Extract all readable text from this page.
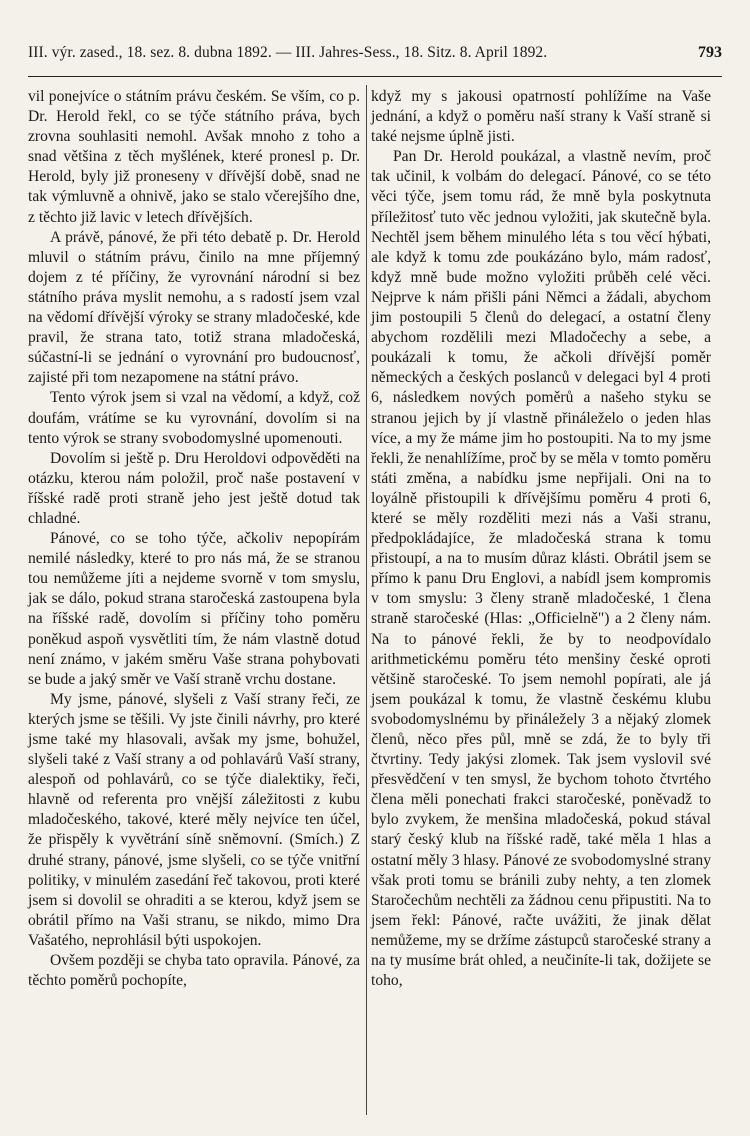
III. výr. zased., 18. sez. 8. dubna 1892. — III. Jahres-Sess., 18. Sitz. 8. April 1892.	793

vil ponejvíce o státním právu českém. Se vším, co p. Dr. Herold řekl, co se týče státního práva, bych zrovna souhlasiti nemohl. Avšak mnoho z toho a snad většina z těch myšlének, které pronesl p. Dr. Herold, byly již proneseny v dřívější době, snad ne tak výmluvně a ohnivě, jako se stalo včerejšího dne, z těchto již lavic v letech dřívějších.

A právě, pánové, že při této debatě p. Dr. Herold mluvil o státním právu, činilo na mne příjemný dojem z té příčiny, že vyrovnání národní si bez státního práva myslit nemohu, a s radostí jsem vzal na vědomí dřívější výroky se strany mladočeské, kde pravil, že strana tato, totiž strana mladočeská, súčastní-li se jednání o vyrovnání pro budoucnosť, zajisté při tom nezapomene na státní právo.

Tento výrok jsem si vzal na vědomí, a když, což doufám, vrátíme se ku vyrovnání, dovolím si na tento výrok se strany svobodomyslné upomenouti.

Dovolím si ještě p. Dru Heroldovi odpověděti na otázku, kterou nám položil, proč naše postavení v říšské radě proti straně jeho jest ještě dotud tak chladné.

Pánové, co se toho týče, ačkoliv nepopírám nemilé následky, které to pro nás má, že se stranou tou nemůžeme jíti a nejdeme svorně v tom smyslu, jak se dálo, pokud strana staročeská zastoupena byla na říšské radě, dovolím si příčiny toho poměru poněkud aspoň vysvětliti tím, že nám vlastně dotud není známo, v jakém směru Vaše strana pohybovati se bude a jaký směr ve Vaší straně vrchu dostane.

My jsme, pánové, slyšeli z Vaší strany řeči, ze kterých jsme se těšili. Vy jste činili návrhy, pro které jsme také my hlasovali, avšak my jsme, bohužel, slyšeli také z Vaší strany a od pohlavárů Vaší strany, alespoň od pohlavárů, co se týče dialektiky, řeči, hlavně od referenta pro vnější záležitosti z kubu mladočeského, takové, které měly nejvíce ten účel, že přispěly k vyvětrání síně sněmovní. (Smích.) Z druhé strany, pánové, jsme slyšeli, co se týče vnitřní politiky, v minulém zasedání řeč takovou, proti které jsem si dovolil se ohraditi a se kterou, když jsem se obrátil přímo na Vaši stranu, se nikdo, mimo Dra Vašatého, neprohlásil býti uspokojen.

Ovšem později se chyba tato opravila. Pánové, za těchto poměrů pochopíte,

když my s jakousi opatrností pohlížíme na Vaše jednání, a když o poměru naší strany k Vaší straně si také nejsme úplně jisti.

Pan Dr. Herold poukázal, a vlastně nevím, proč tak učinil, k volbám do delegací. Pánové, co se této věci týče, jsem tomu rád, že mně byla poskytnuta příležitosť tuto věc jednou vyložiti, jak skutečně byla. Nechtěl jsem během minulého léta s tou věcí hýbati, ale když k tomu zde poukázáno bylo, mám radosť, když mně bude možno vyložiti průběh celé věci. Nejprve k nám přišli páni Němci a žádali, abychom jim postoupili 5 členů do delegací, a ostatní členy abychom rozdělili mezi Mladočechy a sebe, a poukázali k tomu, že ačkoli dřívější poměr německých a českých poslanců v delegaci byl 4 proti 6, následkem nových poměrů a našeho styku se stranou jejich by jí vlastně přináleželo o jeden hlas více, a my že máme jim ho postoupiti. Na to my jsme řekli, že nenahlížíme, proč by se měla v tomto poměru státi změna, a nabídku jsme nepřijali. Oni na to loyálně přistoupili k dřívějšímu poměru 4 proti 6, které se měly rozděliti mezi nás a Vaši stranu, předpokládajíce, že mladočeská strana k tomu přistoupí, a na to musím důraz klásti. Obrátil jsem se přímo k panu Dru Englovi, a nabídl jsem kompromis v tom smyslu: 3 členy straně mladočeské, 1 člena straně staročeské (Hlas: „Officielně") a 2 členy nám. Na to pánové řekli, že by to neodpovídalo arithmetickému poměru této menšiny české oproti většině staročeské. To jsem nemohl popírati, ale já jsem poukázal k tomu, že vlastně českému klubu svobodomyslnému by přináležely 3 a nějaký zlomek členů, něco přes půl, mně se zdá, že to byly tři čtvrtiny. Tedy jakýsi zlomek. Tak jsem vyslovil své přesvědčení v ten smysl, že bychom tohoto čtvrtého člena měli ponechati frakci staročeské, poněvadž to bylo zvykem, že menšina mladočeská, pokud stával starý český klub na říšské radě, také měla 1 hlas a ostatní měly 3 hlasy. Pánové ze svobodomyslné strany však proti tomu se bránili zuby nehty, a ten zlomek Staročechům nechtěli za žádnou cenu připustiti. Na to jsem řekl: Pánové, račte uvážiti, že jinak dělat nemůžeme, my se držíme zástupců staročeské strany a na ty musíme brát ohled, a neučiníte-li tak, dožijete se toho,
